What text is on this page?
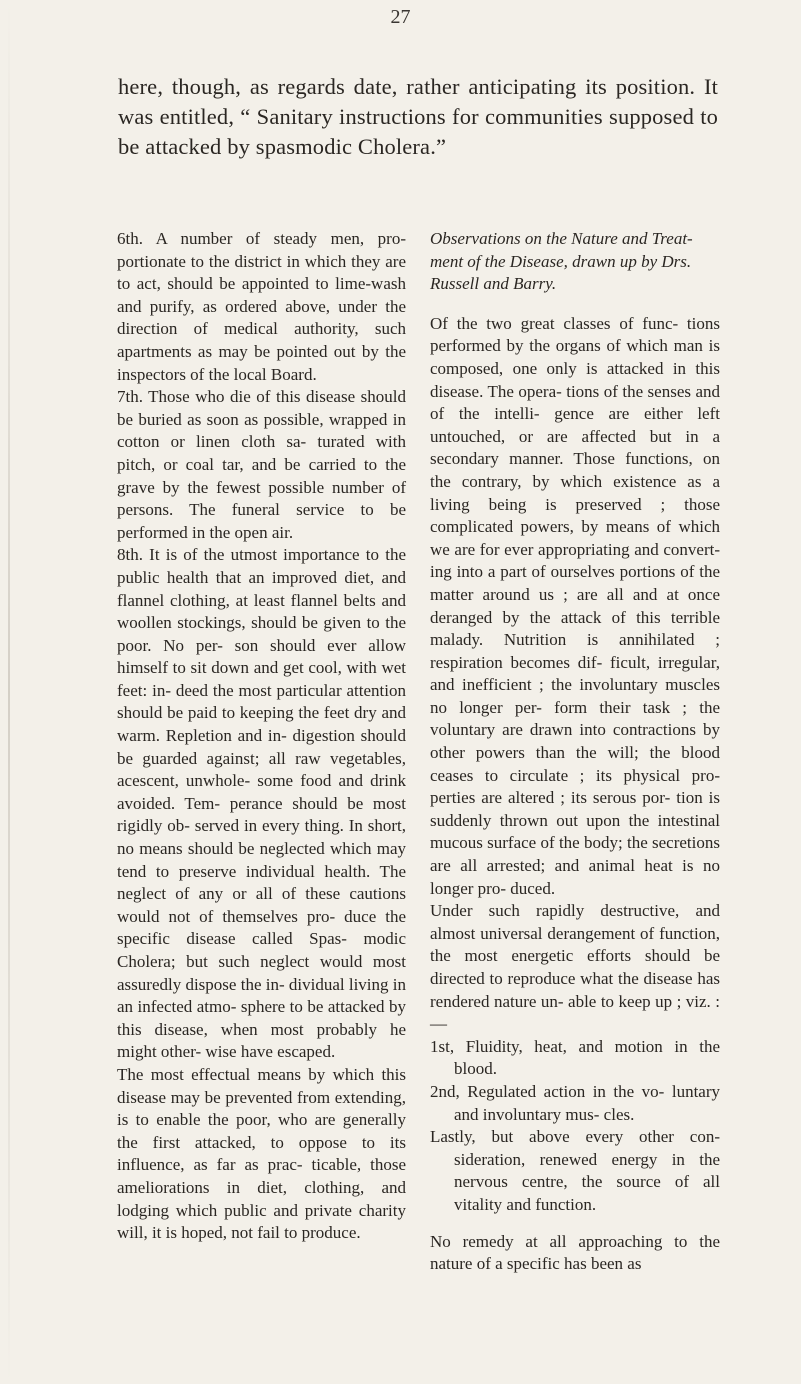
27

here, though, as regards date, rather anticipating its position. It was entitled, “ Sanitary instructions for communities supposed to be attacked by spasmodic Cholera.”

6th. A number of steady men, pro- portionate to the district in which they are to act, should be appointed to lime-wash and purify, as ordered above, under the direction of medical authority, such apartments as may be pointed out by the inspectors of the local Board.

7th. Those who die of this disease should be buried as soon as possible, wrapped in cotton or linen cloth sa- turated with pitch, or coal tar, and be carried to the grave by the fewest possible number of persons. The funeral service to be performed in the open air.

8th. It is of the utmost importance to the public health that an improved diet, and flannel clothing, at least flannel belts and woollen stockings, should be given to the poor. No per- son should ever allow himself to sit down and get cool, with wet feet: in- deed the most particular attention should be paid to keeping the feet dry and warm. Repletion and in- digestion should be guarded against; all raw vegetables, acescent, unwhole- some food and drink avoided. Tem- perance should be most rigidly ob- served in every thing. In short, no means should be neglected which may tend to preserve individual health. The neglect of any or all of these cautions would not of themselves pro- duce the specific disease called Spas- modic Cholera; but such neglect would most assuredly dispose the in- dividual living in an infected atmo- sphere to be attacked by this disease, when most probably he might other- wise have escaped.

The most effectual means by which this disease may be prevented from extending, is to enable the poor, who are generally the first attacked, to oppose to its influence, as far as prac- ticable, those ameliorations in diet, clothing, and lodging which public and private charity will, it is hoped, not fail to produce.

Observations on the Nature and Treat- ment of the Disease, drawn up by Drs. Russell and Barry.

Of the two great classes of func- tions performed by the organs of which man is composed, one only is attacked in this disease. The opera- tions of the senses and of the intelli- gence are either left untouched, or are affected but in a secondary manner. Those functions, on the contrary, by which existence as a living being is preserved ; those complicated powers, by means of which we are for ever appropriating and convert- ing into a part of ourselves portions of the matter around us ; are all and at once deranged by the attack of this terrible malady. Nutrition is annihilated ; respiration becomes dif- ficult, irregular, and inefficient ; the involuntary muscles no longer per- form their task ; the voluntary are drawn into contractions by other powers than the will; the blood ceases to circulate ; its physical pro- perties are altered ; its serous por- tion is suddenly thrown out upon the intestinal mucous surface of the body; the secretions are all arrested; and animal heat is no longer pro- duced.

Under such rapidly destructive, and almost universal derangement of function, the most energetic efforts should be directed to reproduce what the disease has rendered nature un- able to keep up ; viz. :—

1st, Fluidity, heat, and motion in the blood.

2nd, Regulated action in the vo- luntary and involuntary mus- cles.

Lastly, but above every other con- sideration, renewed energy in the nervous centre, the source of all vitality and function.

No remedy at all approaching to the nature of a specific has been as
